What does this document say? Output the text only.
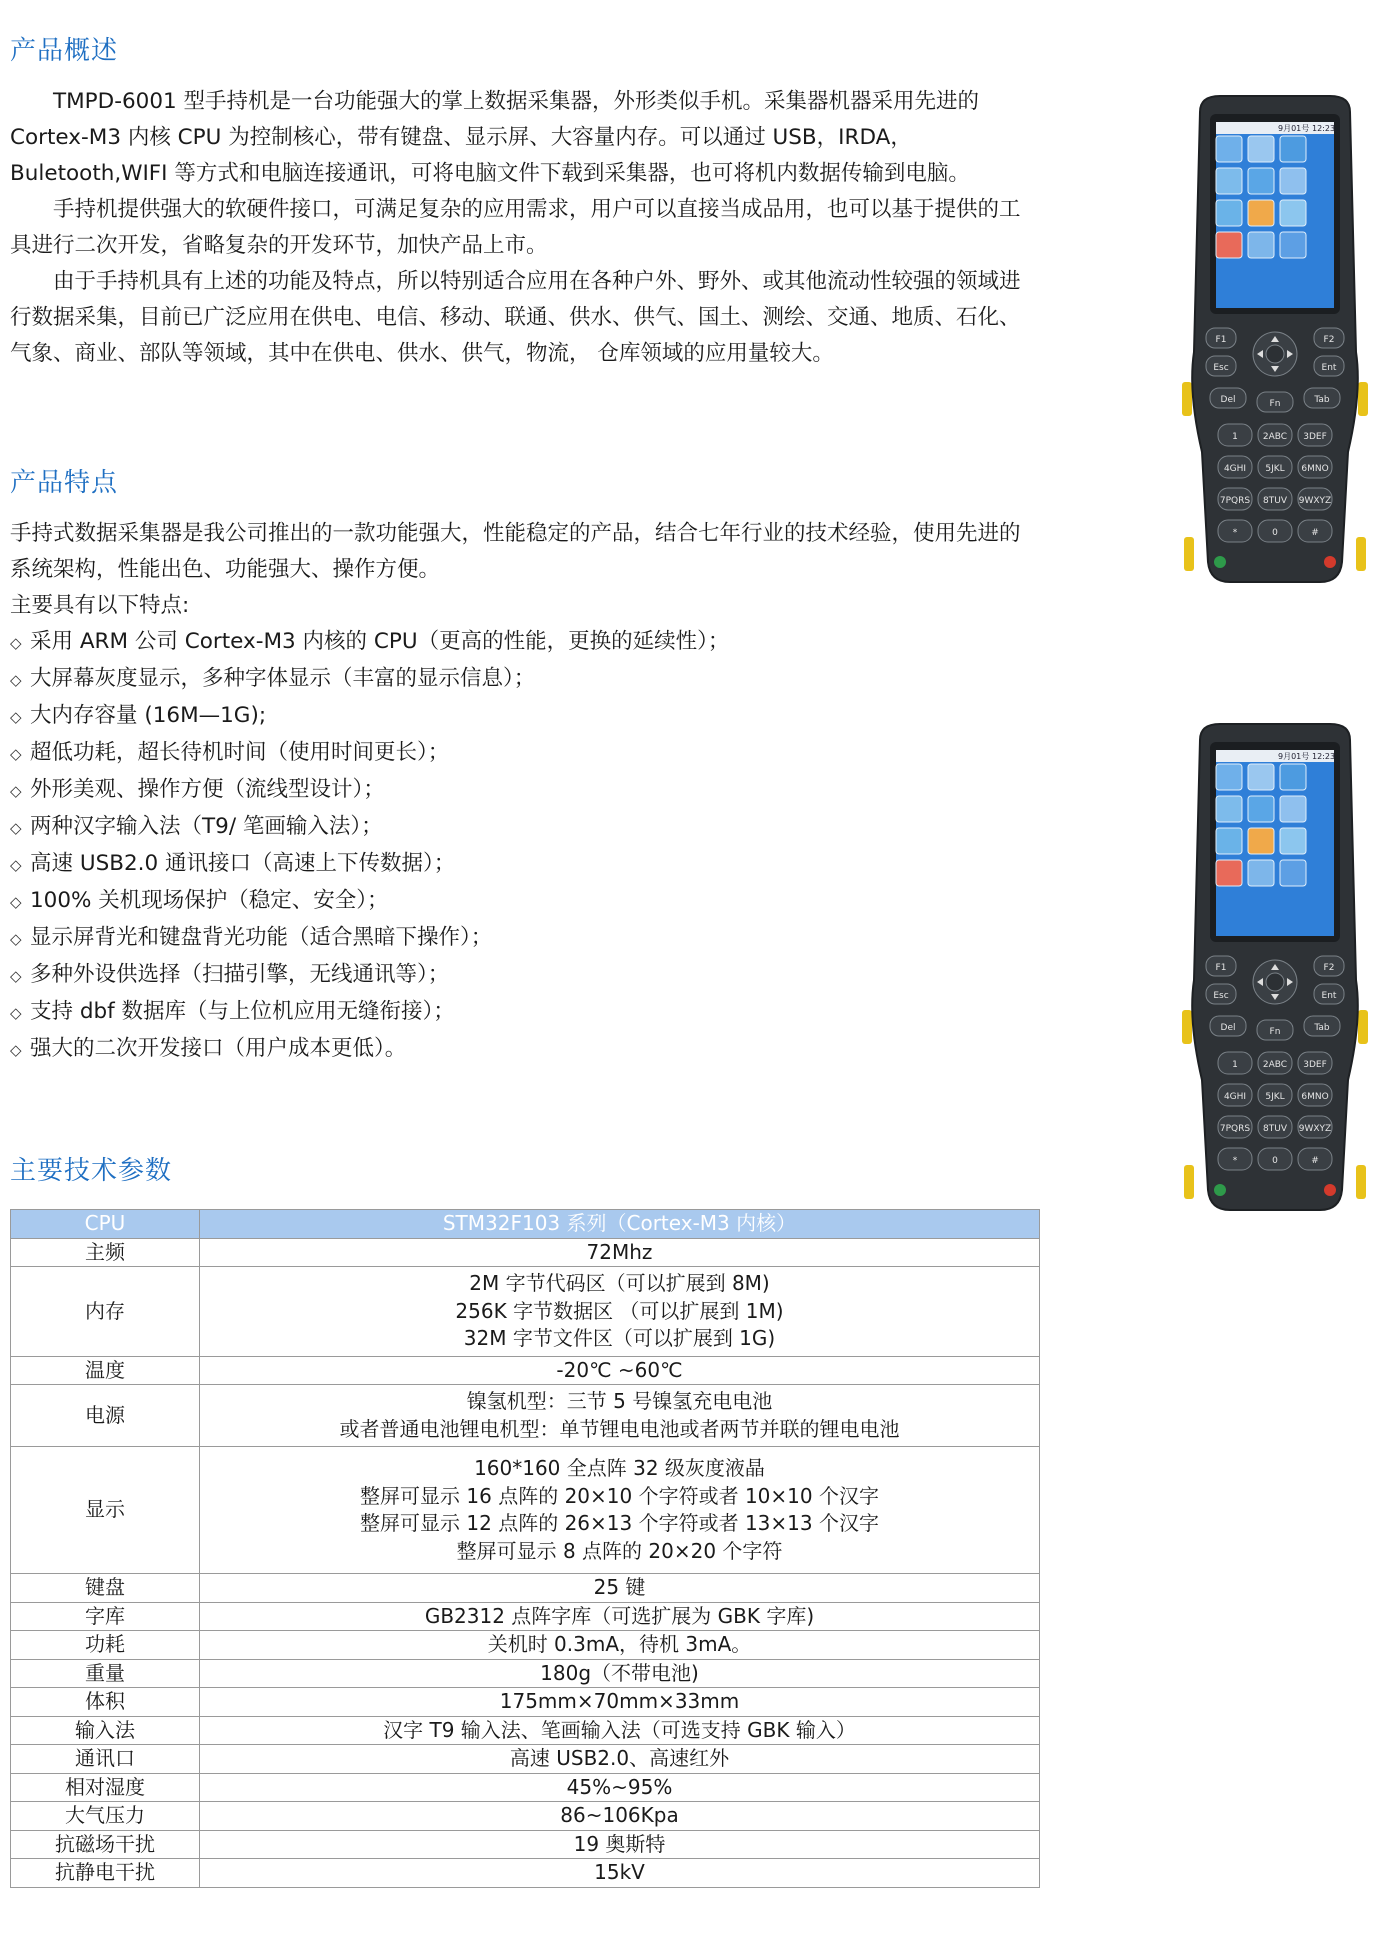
产品概述

TMPD-6001 型手持机是一台功能强大的掌上数据采集器，外形类似手机。采集器机器采用先进的 Cortex-M3 内核 CPU 为控制核心，带有键盘、显示屏、大容量内存。可以通过 USB，IRDA，Buletooth,WIFI 等方式和电脑连接通讯，可将电脑文件下载到采集器，也可将机内数据传输到电脑。

手持机提供强大的软硬件接口，可满足复杂的应用需求，用户可以直接当成品用，也可以基于提供的工具进行二次开发，省略复杂的开发环节，加快产品上市。

由于手持机具有上述的功能及特点，所以特别适合应用在各种户外、野外、或其他流动性较强的领域进行数据采集，目前已广泛应用在供电、电信、移动、联通、供水、供气、国土、测绘、交通、地质、石化、气象、商业、部队等领域，其中在供电、供水、供气，物流， 仓库领域的应用量较大。

产品特点

手持式数据采集器是我公司推出的一款功能强大，性能稳定的产品，结合七年行业的技术经验，使用先进的系统架构，性能出色、功能强大、操作方便。

主要具有以下特点:

◇ 采用 ARM 公司 Cortex-M3 内核的 CPU（更高的性能，更换的延续性）；
◇ 大屏幕灰度显示，多种字体显示（丰富的显示信息）；
◇ 大内存容量 (16M—1G);
◇ 超低功耗，超长待机时间（使用时间更长）；
◇ 外形美观、操作方便（流线型设计）；
◇ 两种汉字输入法（T9/ 笔画输入法）；
◇ 高速 USB2.0 通讯接口（高速上下传数据）；
◇ 100% 关机现场保护（稳定、安全）；
◇ 显示屏背光和键盘背光功能（适合黑暗下操作）；
◇ 多种外设供选择（扫描引擎，无线通讯等）；
◇ 支持 dbf 数据库（与上位机应用无缝衔接）；
◇ 强大的二次开发接口（用户成本更低）。
主要技术参数
CPU	STM32F103 系列（Cortex-M3 内核）
主频	72Mhz

内存	2M 字节代码区（可以扩展到 8M)
256K 字节数据区 （可以扩展到 1M)
32M 字节文件区（可以扩展到 1G)

温度	-20℃ ~60℃

电源	镍氢机型：三节 5 号镍氢充电电池
或者普通电池锂电机型：单节锂电电池或者两节并联的锂电电池

显示	160*160 全点阵 32 级灰度液晶
整屏可显示 16 点阵的 20×10 个字符或者 10×10 个汉字
整屏可显示 12 点阵的 26×13 个字符或者 13×13 个汉字
整屏可显示 8 点阵的 20×20 个字符

键盘	25 键

字库	GB2312 点阵字库（可选扩展为 GBK 字库)

功耗	关机时 0.3mA，待机 3mA。

重量	180g（不带电池)

体积	175mm×70mm×33mm

输入法	汉字 T9 输入法、笔画输入法（可选支持 GBK 输入）

通讯口	高速 USB2.0、高速红外

相对湿度	45%~95%

大气压力	86~106Kpa

抗磁场干扰	19 奥斯特

抗静电干扰	15kV
9月01号 12:23
F1	F2
Esc	Ent
Del	Fn	Tab
1	2ABC 3DEF
4GHI 5JKL 6MNO
7PQRS 8TUV 9WXYZ
*	0	#
9月01号 12:23
F1	F2
Esc	Ent
Del	Fn	Tab
1	2ABC 3DEF
4GHI 5JKL 6MNO
7PQRS 8TUV 9WXYZ
*	0	#
